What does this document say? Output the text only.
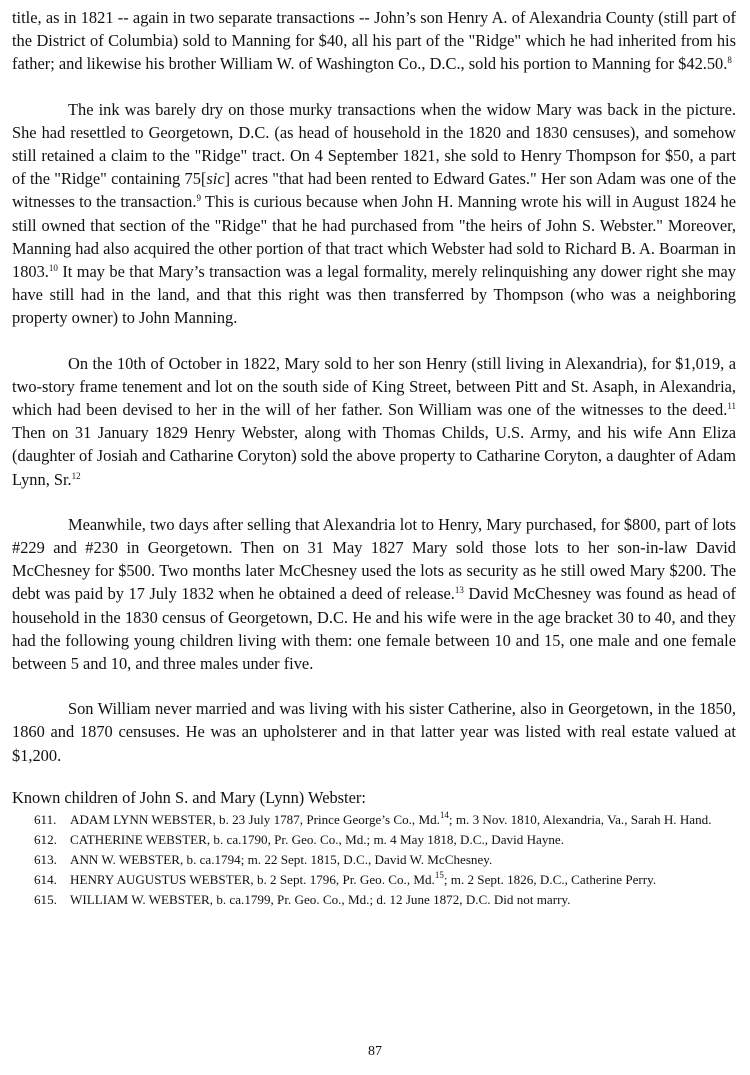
title, as in 1821 -- again in two separate transactions -- John’s son Henry A. of Alexandria County (still part of the District of Columbia) sold to Manning for $40, all his part of the "Ridge" which he had inherited from his father; and likewise his brother William W. of Washington Co., D.C., sold his portion to Manning for $42.50.$^8$

The ink was barely dry on those murky transactions when the widow Mary was back in the picture. She had resettled to Georgetown, D.C. (as head of household in the 1820 and 1830 censuses), and somehow still retained a claim to the "Ridge" tract. On 4 September 1821, she sold to Henry Thompson for $50, a part of the "Ridge" containing 75[sic] acres "that had been rented to Edward Gates." Her son Adam was one of the witnesses to the transaction.$^9$ This is curious because when John H. Manning wrote his will in August 1824 he still owned that section of the "Ridge" that he had purchased from "the heirs of John S. Webster." Moreover, Manning had also acquired the other portion of that tract which Webster had sold to Richard B. A. Boarman in 1803.10 It may be that Mary’s transaction was a legal formality, merely relinquishing any dower right she may have still had in the land, and that this right was then transferred by Thompson (who was a neighboring property owner) to John Manning.

On the 10th of October in 1822, Mary sold to her son Henry (still living in Alexandria), for $1,019, a two-story frame tenement and lot on the south side of King Street, between Pitt and St. Asaph, in Alexandria, which had been devised to her in the will of her father. Son William was one of the witnesses to the deed.$^{11}$ Then on 31 January 1829 Henry Webster, along with Thomas Childs, U.S. Army, and his wife Ann Eliza (daughter of Josiah and Catharine Coryton) sold the above property to Catharine Coryton, a daughter of Adam Lynn, Sr.$^{12}$

Meanwhile, two days after selling that Alexandria lot to Henry, Mary purchased, for $800, part of lots #229 and #230 in Georgetown. Then on 31 May 1827 Mary sold those lots to her son-in-law David McChesney for $500. Two months later McChesney used the lots as security as he still owed Mary $200. The debt was paid by 17 July 1832 when he obtained a deed of release.$^{13}$ David McChesney was found as head of household in the 1830 census of Georgetown, D.C. He and his wife were in the age bracket 30 to 40, and they had the following young children living with them: one female between 10 and 15, one male and one female between 5 and 10, and three males under five.

Son William never married and was living with his sister Catherine, also in Georgetown, in the 1850, 1860 and 1870 censuses. He was an upholsterer and in that latter year was listed with real estate valued at $1,200.

Known children of John S. and Mary (Lynn) Webster:
611. ADAM LYNN WEBSTER, b. 23 July 1787, Prince George’s Co., Md.$^{14}$; m. 3 Nov. 1810, Alexandria, Va., Sarah H. Hand.
612. CATHERINE WEBSTER, b. ca.1790, Pr. Geo. Co., Md.; m. 4 May 1818, D.C., David Hayne.
613. ANN W. WEBSTER, b. ca.1794; m. 22 Sept. 1815, D.C., David W. McChesney.
614. HENRY AUGUSTUS WEBSTER, b. 2 Sept. 1796, Pr. Geo. Co., Md.$^{15}$; m. 2 Sept. 1826, D.C., Catherine Perry.
615. WILLIAM W. WEBSTER, b. ca.1799, Pr. Geo. Co., Md.; d. 12 June 1872, D.C. Did not marry.
87
